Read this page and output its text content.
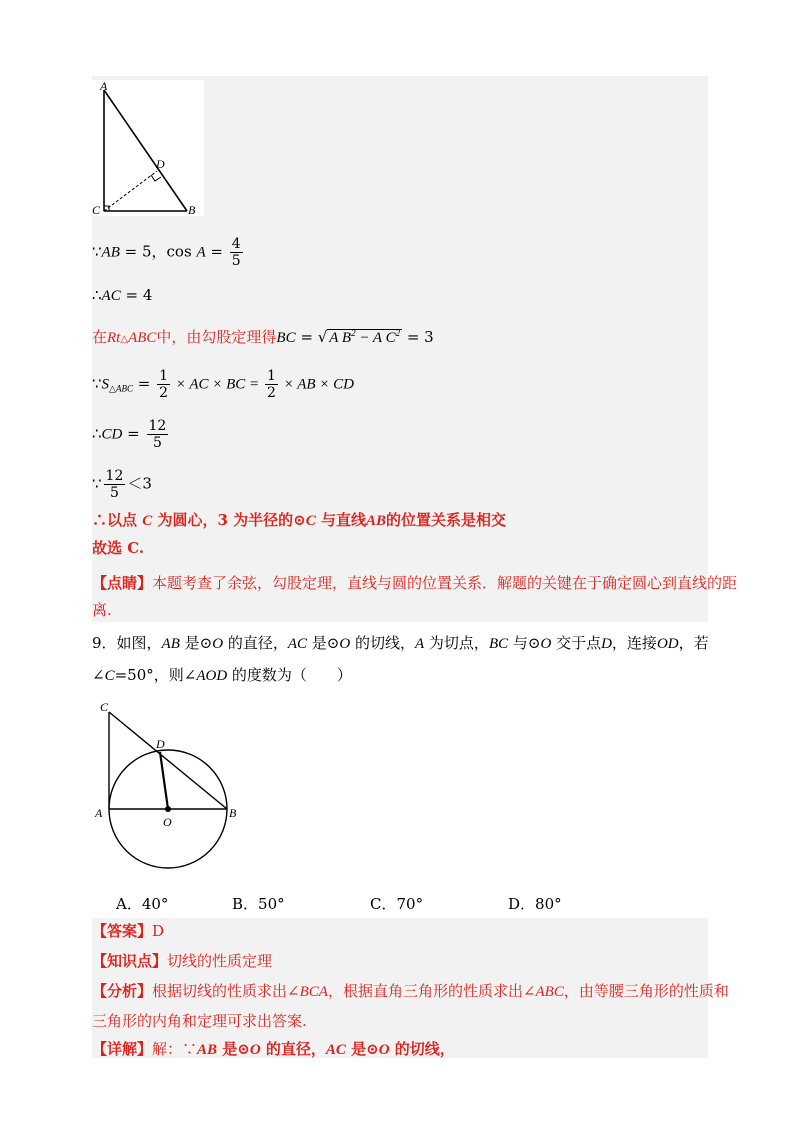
A
D
C	B
∵AB = 5，$\cos A = \frac{4}{5}$
∴AC = 4
在Rt△ABC中，由勾股定理得BC = √ A $B^2 - A$ $C^2 = 3$
$\because S_{\triangle ABC} = \frac{1}{2}$ × AC × BC = $\frac{1}{2}$ × AB × CD
∴CD = $\frac{12}{5}$
∵ $\frac{12}{5} <3$
∴以点 C 为圆心，3 为半径的⊙C 与直线AB的位置关系是相交
故选 C.
【点睛】本题考查了余弦，勾股定理，直线与圆的位置关系．解题的关键在于确定圆心到直线的距
离.
9．如图，AB 是⊙O 的直径，AC 是⊙O 的切线，A 为切点，BC 与⊙O 交于点D，连接OD，若
∠C=50°，则∠AOD 的度数为（　　）
C
D
A
O
B
A．40°	B．50°	C．70°	D．80°
【答案】D
【知识点】切线的性质定理
【分析】根据切线的性质求出∠BCA，根据直角三角形的性质求出∠ABC，由等腰三角形的性质和
三角形的内角和定理可求出答案.
【详解】解：∵AB 是⊙O 的直径，AC 是⊙O 的切线，
